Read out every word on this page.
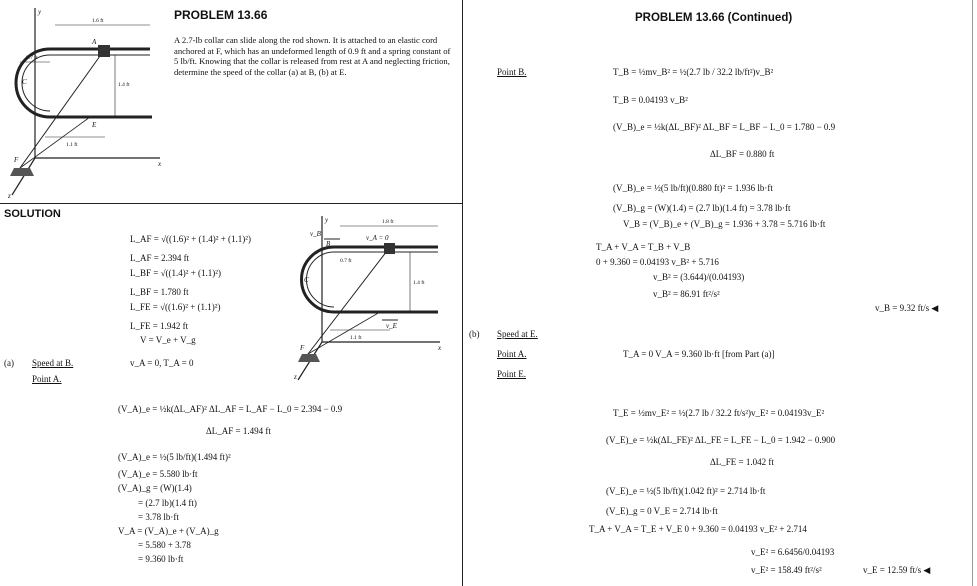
y
x
z
A
C
E
F
1.6 ft
0.7 ft
1.4 ft
1.1 ft
PROBLEM 13.66
A 2.7-lb collar can slide along the rod shown. It is attached to an elastic cord anchored at F, which has an undeformed length of 0.9 ft and a spring constant of 5 lb/ft. Knowing that the collar is released from rest at A and neglecting friction, determine the speed of the collar (a) at B, (b) at E.
SOLUTION
L_AF = √((1.6)² + (1.4)² + (1.1)²)
L_AF = 2.394 ft
L_BF = √((1.4)² + (1.1)²)
L_BF = 1.780 ft
L_FE = √((1.6)² + (1.1)²)
L_FE = 1.942 ft
V = V_e + V_g
(a) Speed at B.	v_A = 0, T_A = 0
Point A.
(V_A)_e = ½k(ΔL_AF)² ΔL_AF = L_AF − L_0 = 2.394 − 0.9
ΔL_AF = 1.494 ft
(V_A)_e = ½(5 lb/ft)(1.494 ft)²
(V_A)_e = 5.580 lb·ft
(V_A)_g = (W)(1.4)
= (2.7 lb)(1.4 ft)
= 3.78 lb·ft
V_A = (V_A)_e + (V_A)_g
= 5.580 + 3.78
= 9.360 lb·ft
y
x
z
B
C
F
v_B	v_A = 0
v_E
1.8 ft
0.7 ft
1.4 ft
1.1 ft
PROBLEM 13.66 (Continued)
Point B.	T_B = ½mv_B² = ½(2.7 lb / 32.2 lb/ft²)v_B²
T_B = 0.04193 v_B²
(V_B)_e = ½k(ΔL_BF)² ΔL_BF = L_BF − L_0 = 1.780 − 0.9
ΔL_BF = 0.880 ft
(V_B)_e = ½(5 lb/ft)(0.880 ft)² = 1.936 lb·ft
(V_B)_g = (W)(1.4) = (2.7 lb)(1.4 ft) = 3.78 lb·ft
V_B = (V_B)_e + (V_B)_g = 1.936 + 3.78 = 5.716 lb·ft
T_A + V_A = T_B + V_B
0 + 9.360 = 0.04193 v_B² + 5.716
v_B² = (3.644)/(0.04193)
v_B² = 86.91 ft²/s²
v_B = 9.32 ft/s ◀
(b) Speed at E.
Point A.	T_A = 0 V_A = 9.360 lb·ft [from Part (a)]
Point E.
T_E = ½mv_E² = ½(2.7 lb / 32.2 ft/s²)v_E² = 0.04193v_E²
(V_E)_e = ½k(ΔL_FE)² ΔL_FE = L_FE − L_0 = 1.942 − 0.900
ΔL_FE = 1.042 ft
(V_E)_e = ½(5 lb/ft)(1.042 ft)² = 2.714 lb·ft
(V_E)_g = 0 V_E = 2.714 lb·ft
T_A + V_A = T_E + V_E 0 + 9.360 = 0.04193 v_E² + 2.714
v_E² = 6.6456/0.04193
v_E² = 158.49 ft²/s²	v_E = 12.59 ft/s ◀
